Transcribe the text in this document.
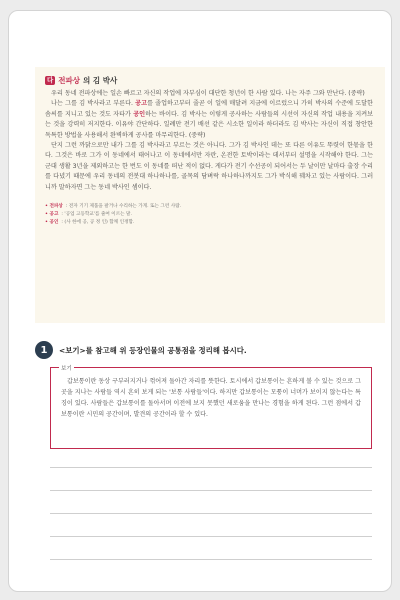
다 전파상 의 김 박사

우리 동네 전파상에는 일손 빠르고 자신의 작업에 자부심이 대단한 청년이 한 사람 있다. 나는 자주 그와 만난다. (중략)

나는 그를 김 박사라고 부른다. 공고를 졸업하고부터 줄곧 이 일에 매달려 지금에 이르렀으니 가히 박사의 수준에 도달한 솜씨를 지니고 있는 것도 자타가 공인하는 바이다. 김 박사는 이렇게 공사하는 사람들의 시선이 자신의 작업 내용을 지켜보는 것을 강력히 저지한다. 이유야 간단하다. 일례만 전기 배선 같은 시소한 일이라 하더라도 김 박사는 자신이 직접 창안한 독특한 방법을 사용해서 완벽하게 공사를 마무리한다. (중략)

단지 그런 까닭으로만 내가 그를 김 박사라고 부르는 것은 아니다. 그가 김 박사인 데는 또 다른 이유도 뚜렷이 한몫을 한다. 그것은 바로 그가 이 동네에서 태어나고 이 동네에서만 자란, 온전한 토박이라는 데서부터 설명을 시작해야 한다. 그는 군대 생활 3년을 제외하고는 한 번도 이 동네를 떠난 적이 없다. 게다가 전기 수선공이 되어서는 두 날이만 날마다 출장 수리를 다녔기 때문에 우리 동네의 전봇대 하나하나를, 골목의 담벼락 하나하나까지도 그가 박식해 꿰차고 있는 사람이다. 그러니까 말하자면 그는 동네 박사인 셈이다.

• 전파상 : 전자 기기 제품을 팔거나 수리하는 가게. 또는 그런 사람.
• 공고 : '공업 고등학교'를 줄여 이르는 말.
• 공인 : (사 한에 공, 공 정 인) 함께 인정함.
1	<보기>를 참고해 위 등장인물의 공통점을 정리해 봅시다.
보기

갑보통이란 동상 구부러지거나 꺾어져 돌아간 자리를 뜻한다. 토시에서 갑보통이는 흔하게 볼 수 있는 것으로 그곳을 지나는 사람들 역시 흔히 보게 되는 '보통 사람들'이다. 하지만 갑보통이는 모퉁이 너머가 보이지 않는다는 특징이 있다. 사람들은 갑보통이를 돌아서며 이전에 보지 못했던 새로움을 만나는 경험을 하게 된다. 그런 점에서 갑보통이란 시민의 공간이며, 발견의 공간이라 할 수 있다.
